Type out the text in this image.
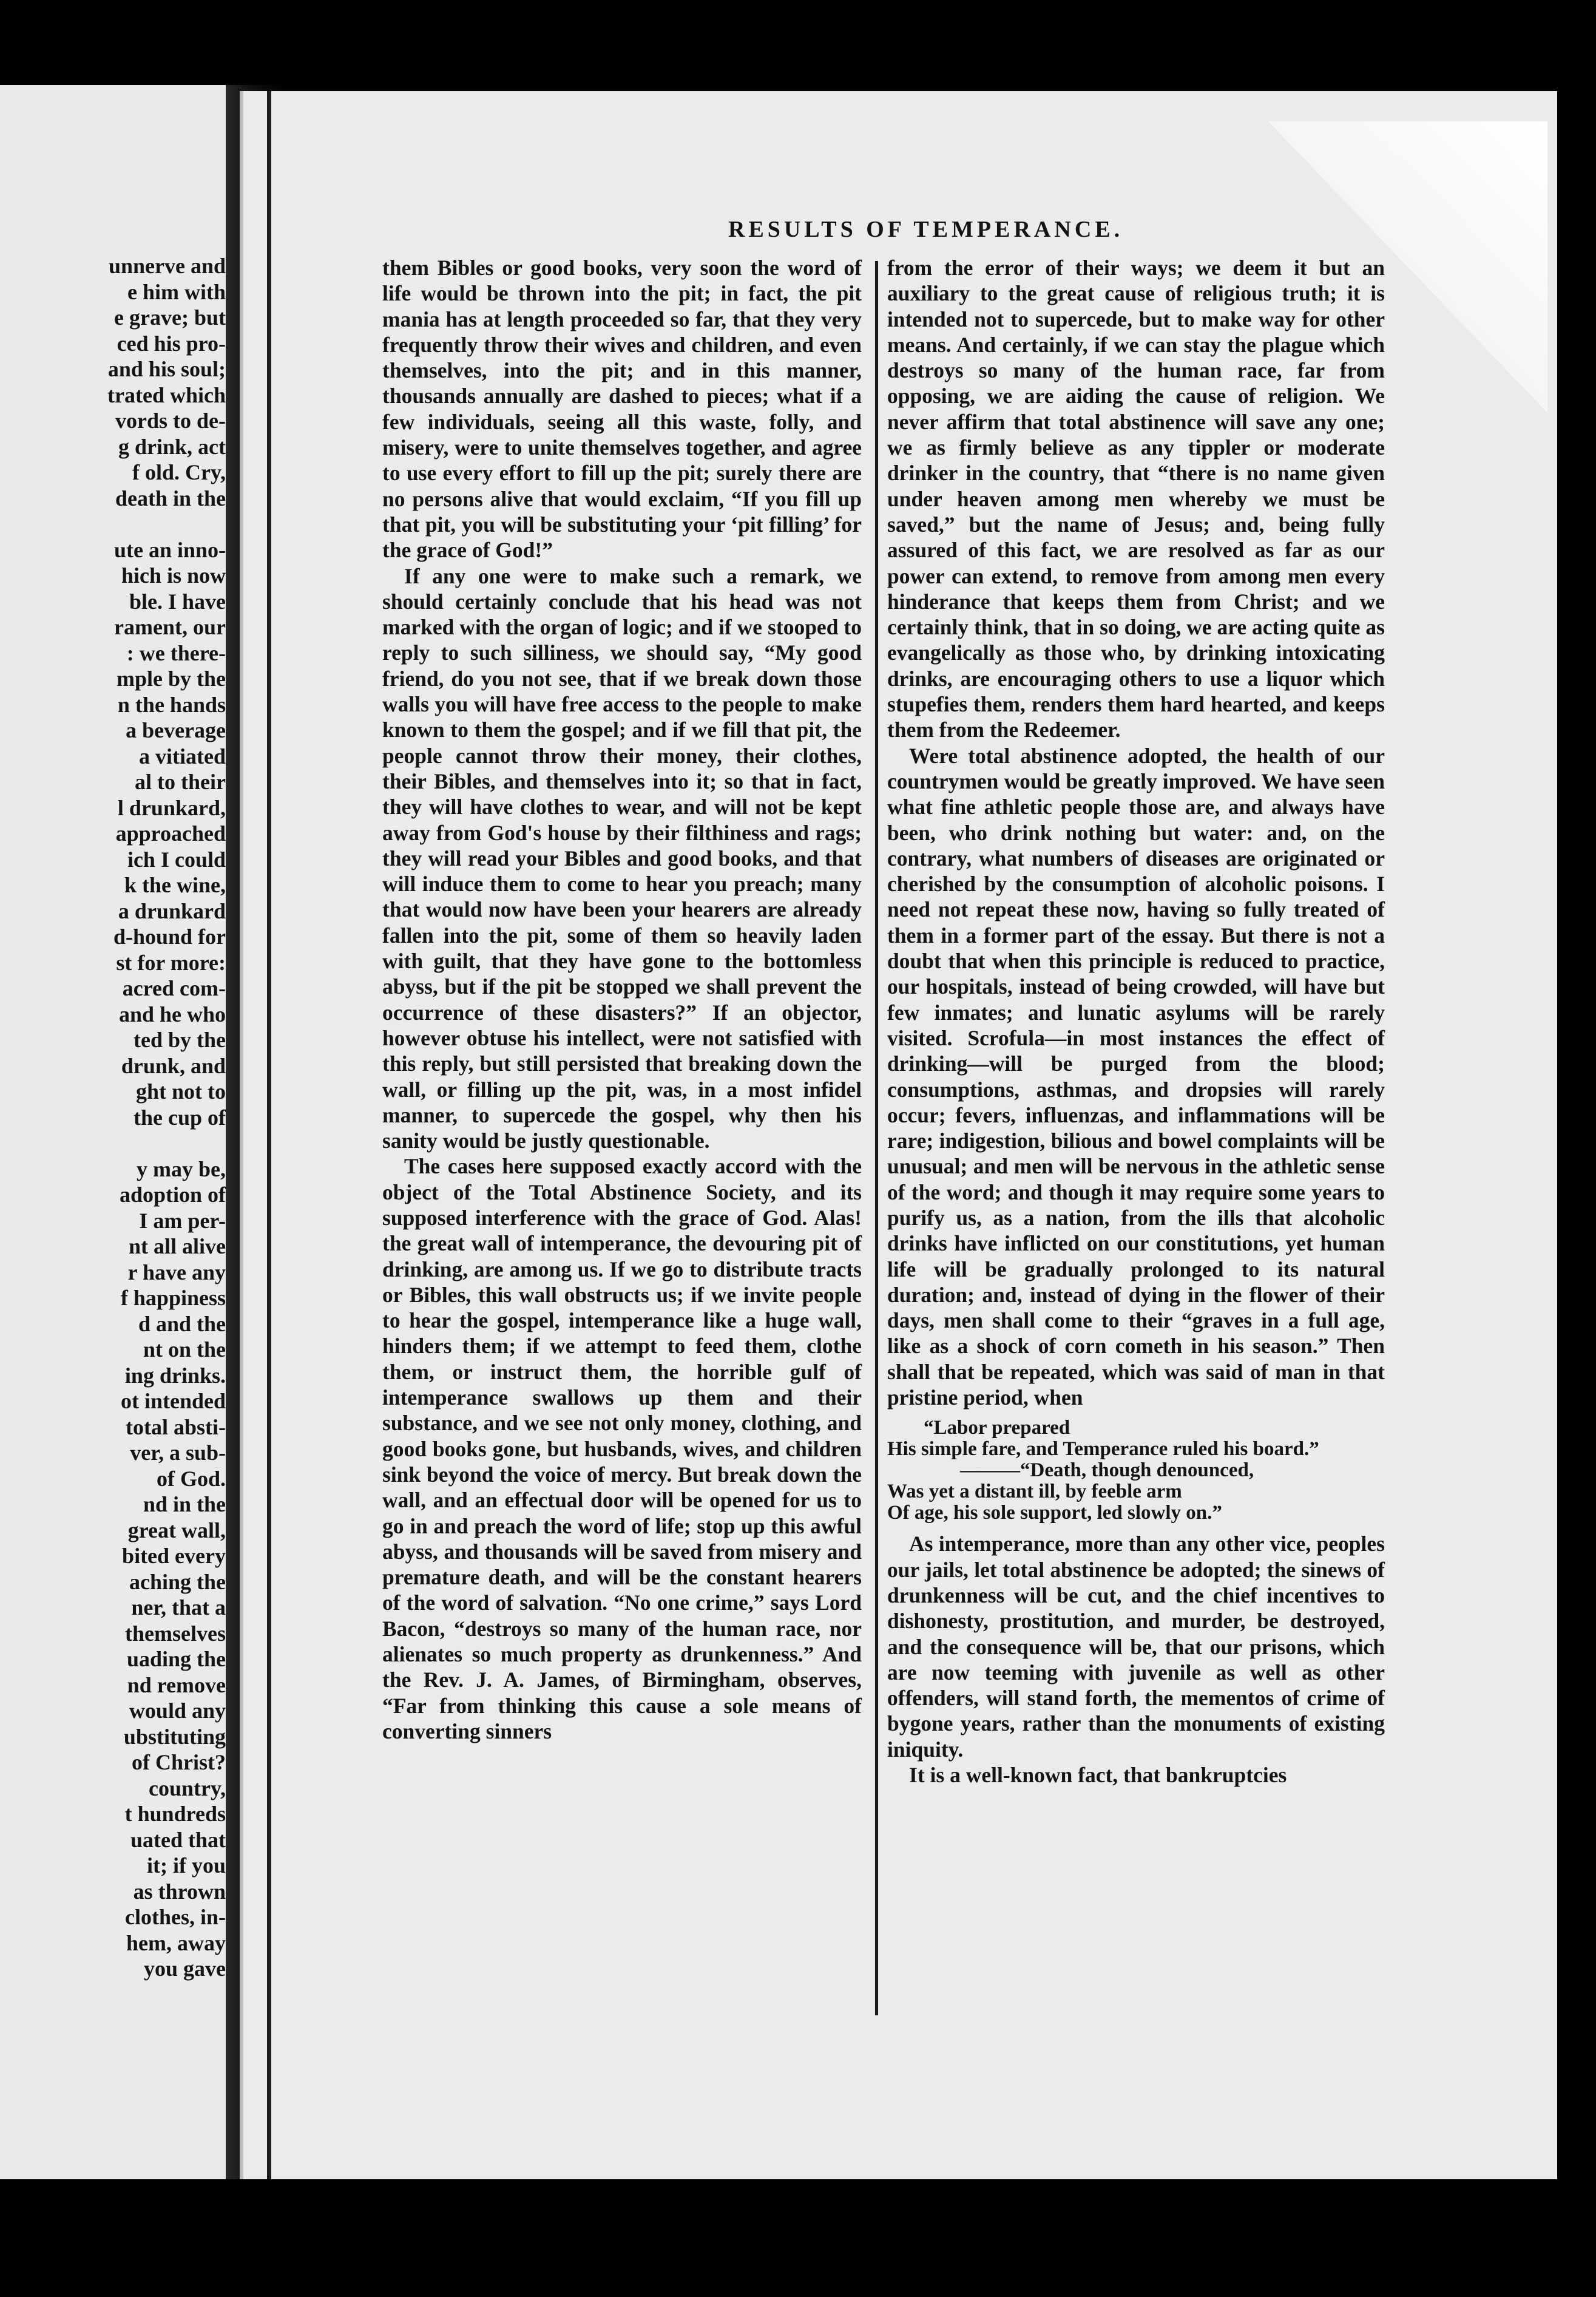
unnerve and
e him with
e grave; but
ced his pro-
and his soul;
trated which
vords to de-
g drink, act
f old. Cry,
death in the
ute an inno-
hich is now
ble. I have
rament, our
: we there-
mple by the
n the hands
a beverage
a vitiated
al to their
l drunkard,
approached
ich I could
k the wine,
a drunkard
d-hound for
st for more:
acred com-
and he who
ted by the
drunk, and
ght not to
the cup of
y may be,
adoption of
I am per-
nt all alive
r have any
f happiness
d and the
nt on the
ing drinks.
ot intended
total absti-
ver, a sub-
of God.
nd in the
great wall,
bited every
aching the
ner, that a
themselves
uading the
nd remove
would any
ubstituting
of Christ?
country,
t hundreds
uated that
it; if you
as thrown
clothes, in-
hem, away
you gave
RESULTS OF TEMPERANCE.

them Bibles or good books, very soon the word of life would be thrown into the pit; in fact, the pit mania has at length proceeded so far, that they very frequently throw their wives and children, and even themselves, into the pit; and in this manner, thousands annually are dashed to pieces; what if a few individuals, seeing all this waste, folly, and misery, were to unite themselves together, and agree to use every effort to fill up the pit; surely there are no persons alive that would exclaim, “If you fill up that pit, you will be substituting your ‘pit filling’ for the grace of God!”

If any one were to make such a remark, we should certainly conclude that his head was not marked with the organ of logic; and if we stooped to reply to such silliness, we should say, “My good friend, do you not see, that if we break down those walls you will have free access to the people to make known to them the gospel; and if we fill that pit, the people cannot throw their money, their clothes, their Bibles, and themselves into it; so that in fact, they will have clothes to wear, and will not be kept away from God's house by their filthiness and rags; they will read your Bibles and good books, and that will induce them to come to hear you preach; many that would now have been your hearers are already fallen into the pit, some of them so heavily laden with guilt, that they have gone to the bottomless abyss, but if the pit be stopped we shall prevent the occurrence of these disasters?” If an objector, however obtuse his intellect, were not satisfied with this reply, but still persisted that breaking down the wall, or filling up the pit, was, in a most infidel manner, to supercede the gospel, why then his sanity would be justly questionable.

The cases here supposed exactly accord with the object of the Total Abstinence Society, and its supposed interference with the grace of God. Alas! the great wall of intemperance, the devouring pit of drinking, are among us. If we go to distribute tracts or Bibles, this wall obstructs us; if we invite people to hear the gospel, intemperance like a huge wall, hinders them; if we attempt to feed them, clothe them, or instruct them, the horrible gulf of intemperance swallows up them and their substance, and we see not only money, clothing, and good books gone, but husbands, wives, and children sink beyond the voice of mercy. But break down the wall, and an effectual door will be opened for us to go in and preach the word of life; stop up this awful abyss, and thousands will be saved from misery and premature death, and will be the constant hearers of the word of salvation. “No one crime,” says Lord Bacon, “destroys so many of the human race, nor alienates so much property as drunkenness.” And the Rev. J. A. James, of Birmingham, observes, “Far from thinking this cause a sole means of converting sinners

from the error of their ways; we deem it but an auxiliary to the great cause of religious truth; it is intended not to supercede, but to make way for other means. And certainly, if we can stay the plague which destroys so many of the human race, far from opposing, we are aiding the cause of religion. We never affirm that total abstinence will save any one; we as firmly believe as any tippler or moderate drinker in the country, that “there is no name given under heaven among men whereby we must be saved,” but the name of Jesus; and, being fully assured of this fact, we are resolved as far as our power can extend, to remove from among men every hinderance that keeps them from Christ; and we certainly think, that in so doing, we are acting quite as evangelically as those who, by drinking intoxicating drinks, are encouraging others to use a liquor which stupefies them, renders them hard hearted, and keeps them from the Redeemer.

Were total abstinence adopted, the health of our countrymen would be greatly improved. We have seen what fine athletic people those are, and always have been, who drink nothing but water: and, on the contrary, what numbers of diseases are originated or cherished by the consumption of alcoholic poisons. I need not repeat these now, having so fully treated of them in a former part of the essay. But there is not a doubt that when this principle is reduced to practice, our hospitals, instead of being crowded, will have but few inmates; and lunatic asylums will be rarely visited. Scrofula—in most instances the effect of drinking—will be purged from the blood; consumptions, asthmas, and dropsies will rarely occur; fevers, influenzas, and inflammations will be rare; indigestion, bilious and bowel complaints will be unusual; and men will be nervous in the athletic sense of the word; and though it may require some years to purify us, as a nation, from the ills that alcoholic drinks have inflicted on our constitutions, yet human life will be gradually prolonged to its natural duration; and, instead of dying in the flower of their days, men shall come to their “graves in a full age, like as a shock of corn cometh in his season.” Then shall that be repeated, which was said of man in that pristine period, when

“Labor prepared
His simple fare, and Temperance ruled his board.”
———“Death, though denounced,
Was yet a distant ill, by feeble arm
Of age, his sole support, led slowly on.”

As intemperance, more than any other vice, peoples our jails, let total abstinence be adopted; the sinews of drunkenness will be cut, and the chief incentives to dishonesty, prostitution, and murder, be destroyed, and the consequence will be, that our prisons, which are now teeming with juvenile as well as other offenders, will stand forth, the mementos of crime of bygone years, rather than the monuments of existing iniquity.

It is a well-known fact, that bankruptcies
